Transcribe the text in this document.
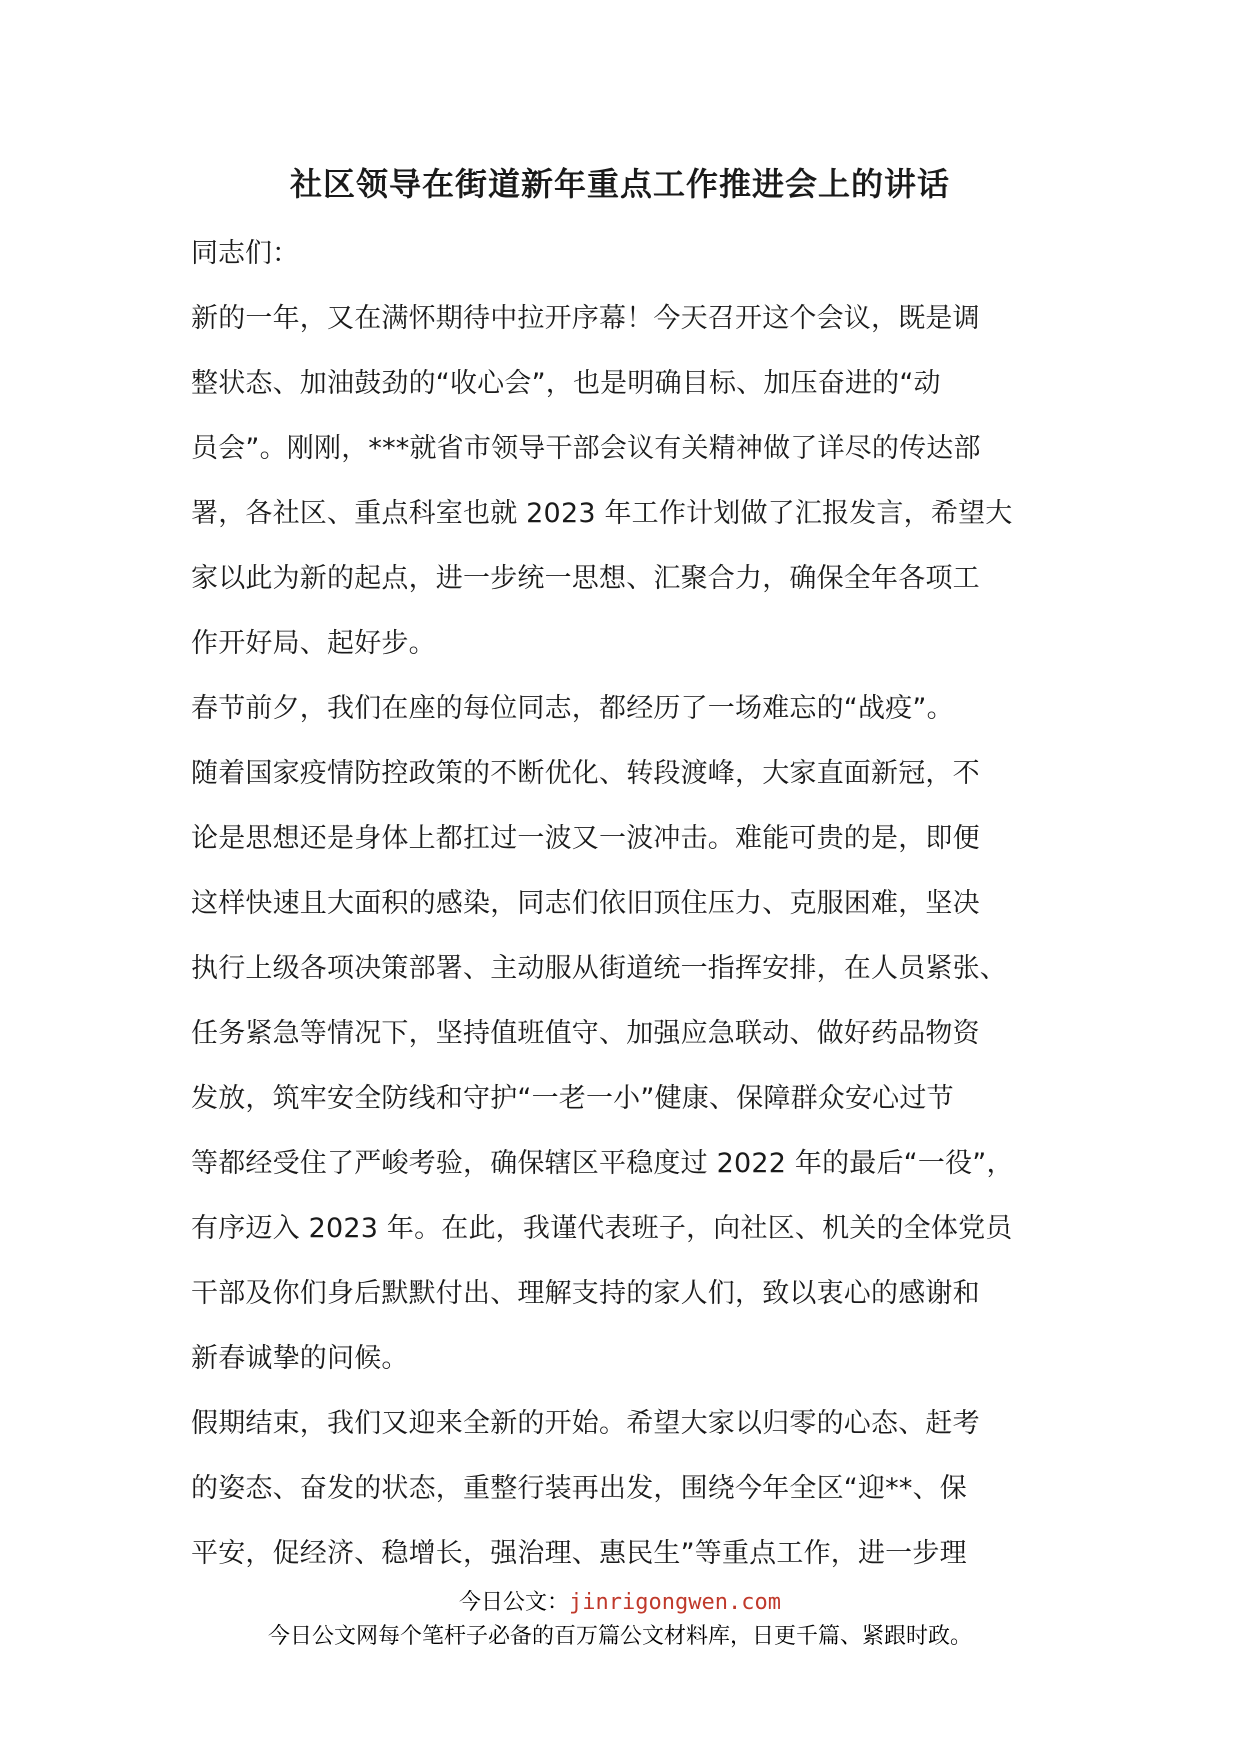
社区领导在街道新年重点工作推进会上的讲话
同志们：
新的一年，又在满怀期待中拉开序幕！今天召开这个会议，既是调
整状态、加油鼓劲的“收心会”，也是明确目标、加压奋进的“动
员会”。刚刚，***就省市领导干部会议有关精神做了详尽的传达部
署，各社区、重点科室也就 2023 年工作计划做了汇报发言，希望大
家以此为新的起点，进一步统一思想、汇聚合力，确保全年各项工
作开好局、起好步。
春节前夕，我们在座的每位同志，都经历了一场难忘的“战疫”。
随着国家疫情防控政策的不断优化、转段渡峰，大家直面新冠，不
论是思想还是身体上都扛过一波又一波冲击。难能可贵的是，即便
这样快速且大面积的感染，同志们依旧顶住压力、克服困难，坚决
执行上级各项决策部署、主动服从街道统一指挥安排，在人员紧张、
任务紧急等情况下，坚持值班值守、加强应急联动、做好药品物资
发放，筑牢安全防线和守护“一老一小”健康、保障群众安心过节
等都经受住了严峻考验，确保辖区平稳度过 2022 年的最后“一役”，
有序迈入 2023 年。在此，我谨代表班子，向社区、机关的全体党员
干部及你们身后默默付出、理解支持的家人们，致以衷心的感谢和
新春诚挚的问候。
假期结束，我们又迎来全新的开始。希望大家以归零的心态、赶考
的姿态、奋发的状态，重整行装再出发，围绕今年全区“迎**、保
平安，促经济、稳增长，强治理、惠民生”等重点工作，进一步理
今日公文：jinrigongwen.com
今日公文网每个笔杆子必备的百万篇公文材料库，日更千篇、紧跟时政。
